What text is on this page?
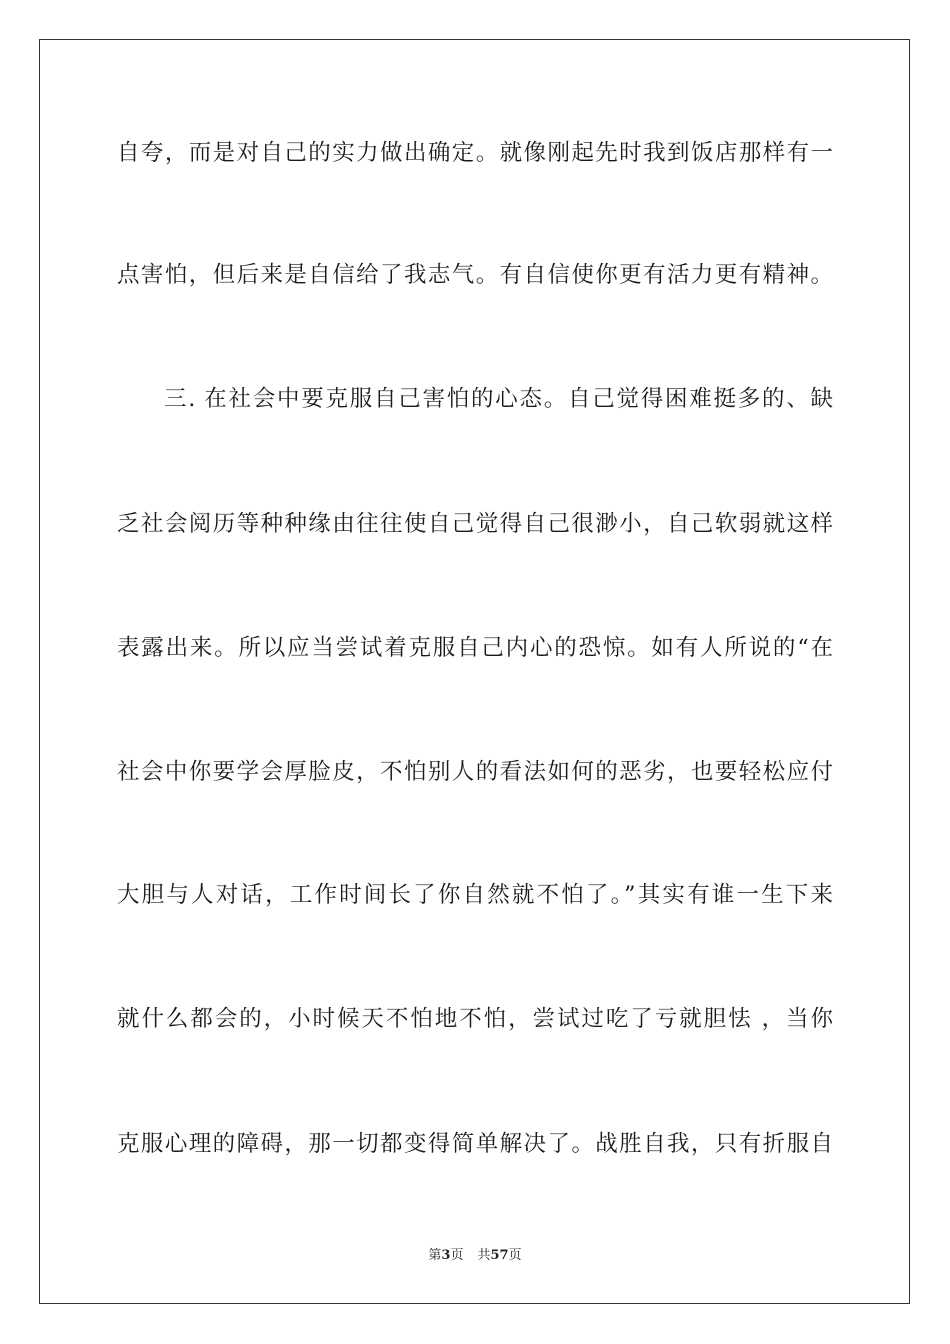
自夸，而是对自己的实力做出确定。就像刚起先时我到饭店那样有一
点害怕，但后来是自信给了我志气。有自信使你更有活力更有精神。
三. 在社会中要克服自己害怕的心态。自己觉得困难挺多的、缺
乏社会阅历等种种缘由往往使自己觉得自己很渺小，自己软弱就这样
表露出来。所以应当尝试着克服自己内心的恐惊。如有人所说的“在
社会中你要学会厚脸皮，不怕别人的看法如何的恶劣，也要轻松应付
大胆与人对话，工作时间长了你自然就不怕了。”其实有谁一生下来
就什么都会的，小时候天不怕地不怕，尝试过吃了亏就胆怯 ，当你
克服心理的障碍，那一切都变得简单解决了。战胜自我，只有折服自
第3页 共57页
